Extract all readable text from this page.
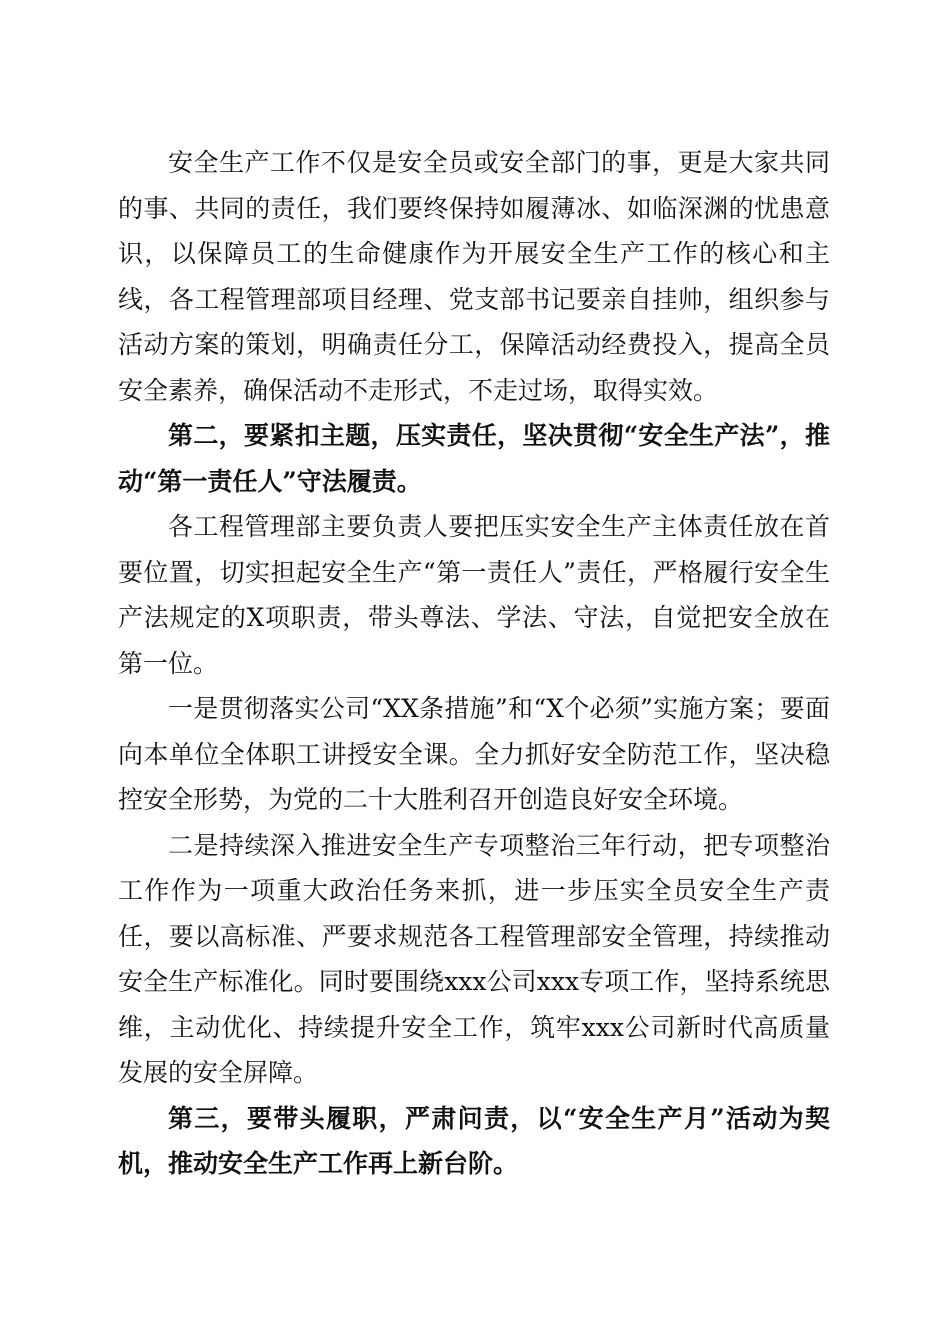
安全生产工作不仅是安全员或安全部门的事，更是大家共同的事、共同的责任，我们要终保持如履薄冰、如临深渊的忧患意识，以保障员工的生命健康作为开展安全生产工作的核心和主线，各工程管理部项目经理、党支部书记要亲自挂帅，组织参与活动方案的策划，明确责任分工，保障活动经费投入，提高全员安全素养，确保活动不走形式，不走过场，取得实效。

第二，要紧扣主题，压实责任，坚决贯彻“安全生产法”，推动“第一责任人”守法履责。

各工程管理部主要负责人要把压实安全生产主体责任放在首要位置，切实担起安全生产“第一责任人”责任，严格履行安全生产法规定的X项职责，带头尊法、学法、守法，自觉把安全放在第一位。

一是贯彻落实公司“XX条措施”和“X个必须”实施方案；要面向本单位全体职工讲授安全课。全力抓好安全防范工作，坚决稳控安全形势，为党的二十大胜利召开创造良好安全环境。

二是持续深入推进安全生产专项整治三年行动，把专项整治工作作为一项重大政治任务来抓，进一步压实全员安全生产责任，要以高标准、严要求规范各工程管理部安全管理，持续推动安全生产标准化。同时要围绕xxx公司xxx专项工作，坚持系统思维，主动优化、持续提升安全工作，筑牢xxx公司新时代高质量发展的安全屏障。

第三，要带头履职，严肃问责，以“安全生产月”活动为契机，推动安全生产工作再上新台阶。
